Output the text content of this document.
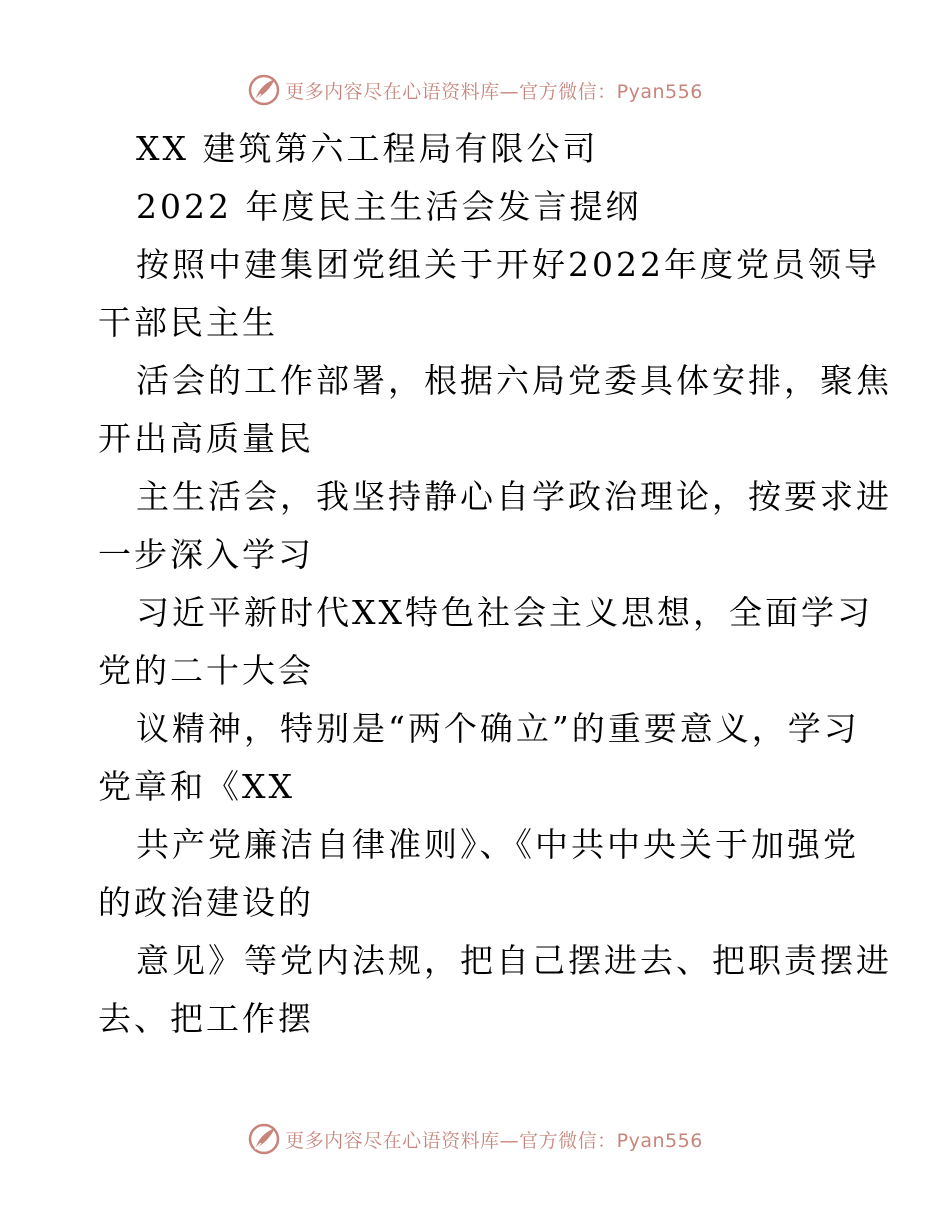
更多内容尽在心语资料库—官方微信：Pyan556
XX 建筑第六工程局有限公司
2022 年度民主生活会发言提纲
按照中建集团党组关于开好2022年度党员领导
干部民主生
活会的工作部署，根据六局党委具体安排，聚焦
开出高质量民
主生活会，我坚持静心自学政治理论，按要求进
一步深入学习
习近平新时代XX特色社会主义思想，全面学习
党的二十大会
议精神，特别是“两个确立”的重要意义，学习
党章和《XX
共产党廉洁自律准则》、《中共中央关于加强党
的政治建设的
意见》等党内法规，把自己摆进去、把职责摆进
去、把工作摆
更多内容尽在心语资料库—官方微信：Pyan556
